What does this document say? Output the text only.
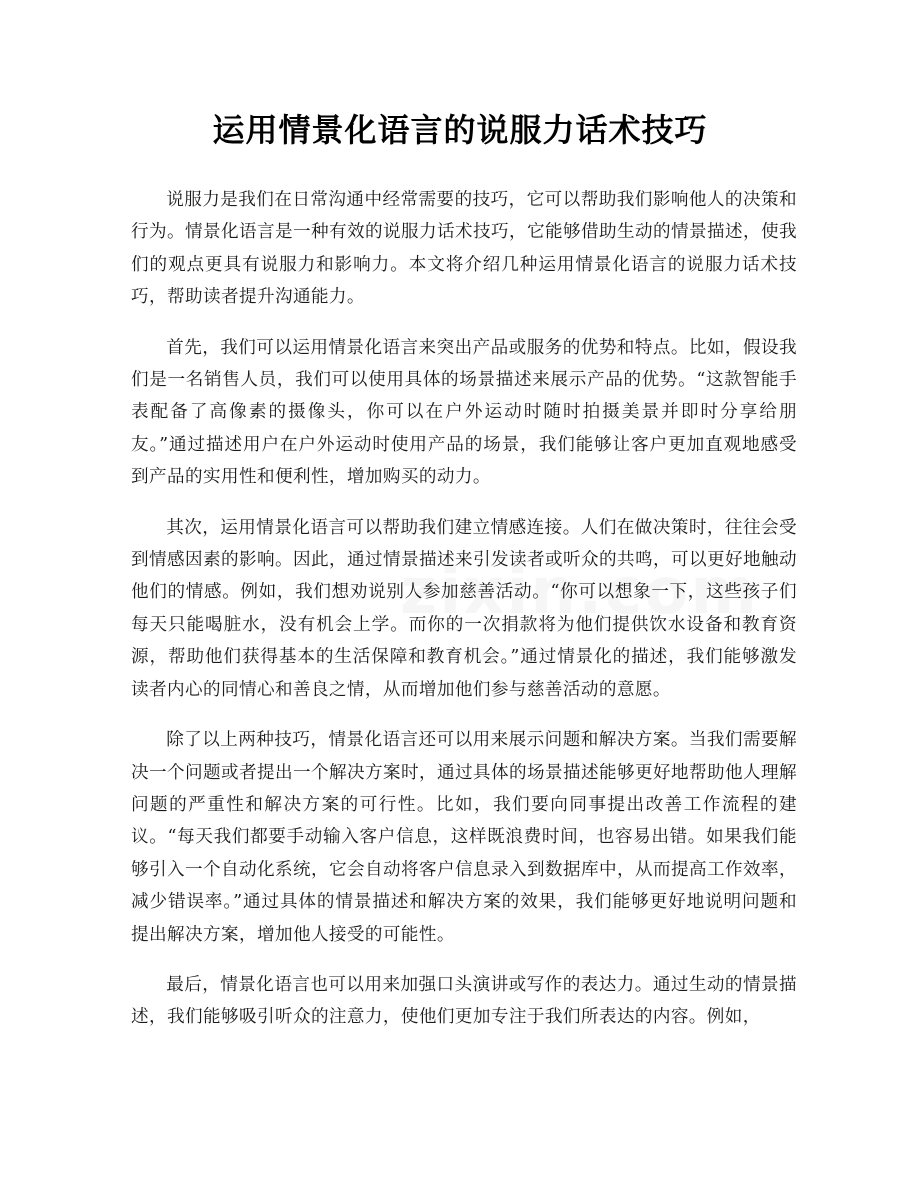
运用情景化语言的说服力话术技巧

说服力是我们在日常沟通中经常需要的技巧，它可以帮助我们影响他人的决策和行为。情景化语言是一种有效的说服力话术技巧，它能够借助生动的情景描述，使我们的观点更具有说服力和影响力。本文将介绍几种运用情景化语言的说服力话术技巧，帮助读者提升沟通能力。

首先，我们可以运用情景化语言来突出产品或服务的优势和特点。比如，假设我们是一名销售人员，我们可以使用具体的场景描述来展示产品的优势。“这款智能手表配备了高像素的摄像头，你可以在户外运动时随时拍摄美景并即时分享给朋友。”通过描述用户在户外运动时使用产品的场景，我们能够让客户更加直观地感受到产品的实用性和便利性，增加购买的动力。

其次，运用情景化语言可以帮助我们建立情感连接。人们在做决策时，往往会受到情感因素的影响。因此，通过情景描述来引发读者或听众的共鸣，可以更好地触动他们的情感。例如，我们想劝说别人参加慈善活动。“你可以想象一下，这些孩子们每天只能喝脏水，没有机会上学。而你的一次捐款将为他们提供饮水设备和教育资源，帮助他们获得基本的生活保障和教育机会。”通过情景化的描述，我们能够激发读者内心的同情心和善良之情，从而增加他们参与慈善活动的意愿。

除了以上两种技巧，情景化语言还可以用来展示问题和解决方案。当我们需要解决一个问题或者提出一个解决方案时，通过具体的场景描述能够更好地帮助他人理解问题的严重性和解决方案的可行性。比如，我们要向同事提出改善工作流程的建议。“每天我们都要手动输入客户信息，这样既浪费时间，也容易出错。如果我们能够引入一个自动化系统，它会自动将客户信息录入到数据库中，从而提高工作效率，减少错误率。”通过具体的情景描述和解决方案的效果，我们能够更好地说明问题和提出解决方案，增加他人接受的可能性。

最后，情景化语言也可以用来加强口头演讲或写作的表达力。通过生动的情景描述，我们能够吸引听众的注意力，使他们更加专注于我们所表达的内容。例如，
